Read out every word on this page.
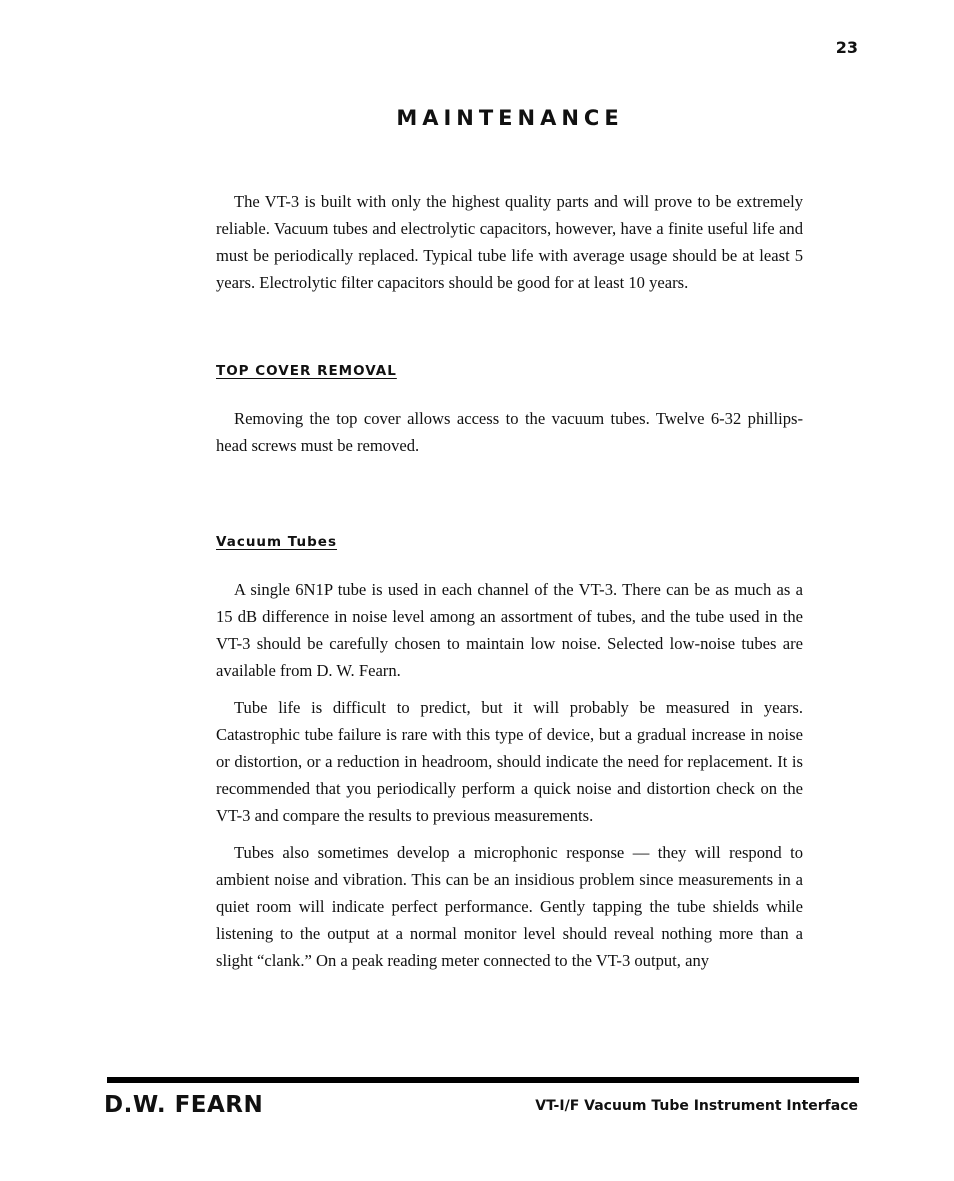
23
MAINTENANCE

The VT-3 is built with only the highest quality parts and will prove to be extremely reliable. Vacuum tubes and electrolytic capacitors, however, have a finite useful life and must be periodically replaced. Typical tube life with average usage should be at least 5 years. Electrolytic filter capacitors should be good for at least 10 years.

TOP COVER REMOVAL

Removing the top cover allows access to the vacuum tubes. Twelve 6-32 phillips-head screws must be removed.

Vacuum Tubes

A single 6N1P tube is used in each channel of the VT-3. There can be as much as a 15 dB difference in noise level among an assortment of tubes, and the tube used in the VT-3 should be carefully chosen to maintain low noise. Selected low-noise tubes are available from D. W. Fearn.

Tube life is difficult to predict, but it will probably be measured in years. Catastrophic tube failure is rare with this type of device, but a gradual increase in noise or distortion, or a reduction in headroom, should indicate the need for replacement. It is recommended that you periodically perform a quick noise and distortion check on the VT-3 and compare the results to previous measurements.

Tubes also sometimes develop a microphonic response — they will respond to ambient noise and vibration. This can be an insidious problem since measurements in a quiet room will indicate perfect performance. Gently tapping the tube shields while listening to the output at a normal monitor level should reveal nothing more than a slight “clank.” On a peak reading meter connected to the VT-3 output, any

D.W. FEARN	VT-I/F Vacuum Tube Instrument Interface
